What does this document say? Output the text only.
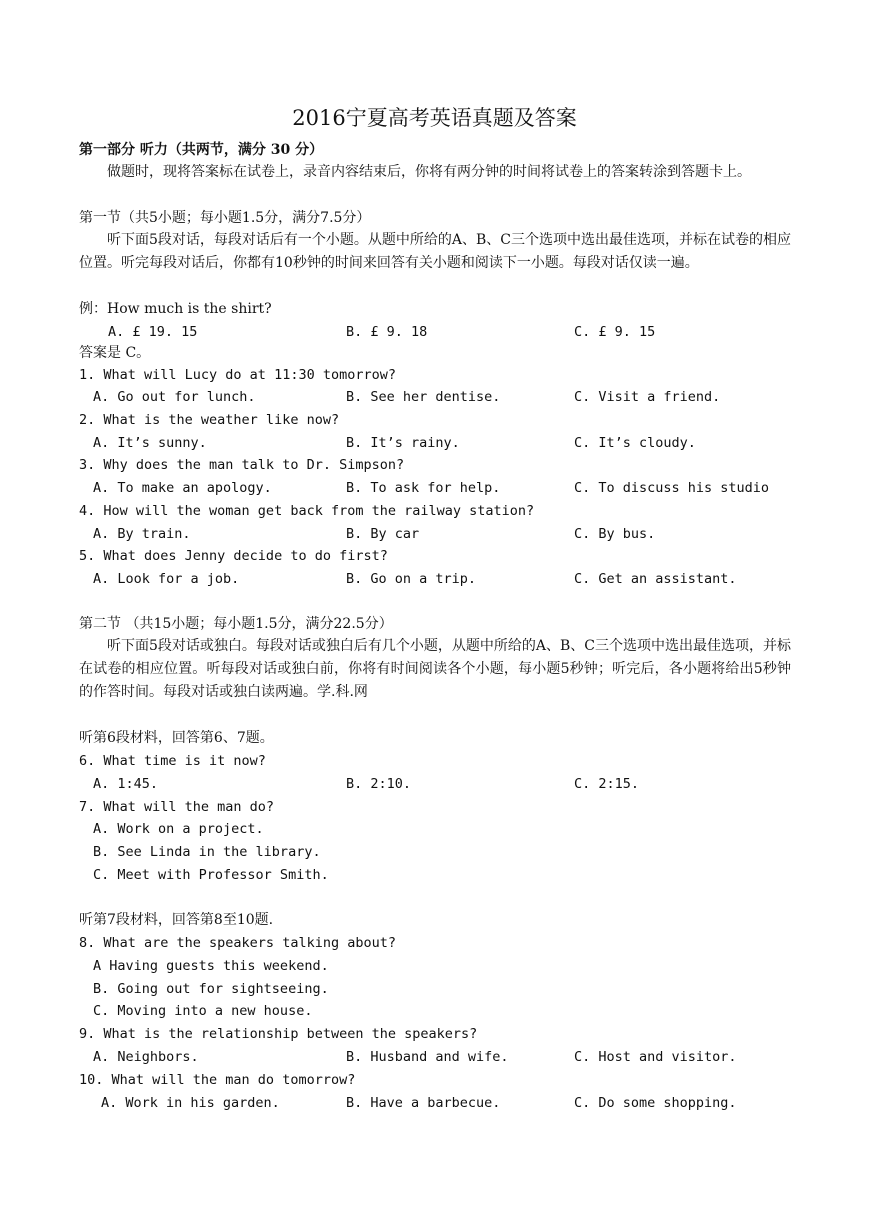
2016宁夏高考英语真题及答案
第一部分 听力（共两节，满分 30 分）
做题时，现将答案标在试卷上，录音内容结束后，你将有两分钟的时间将试卷上的答案转涂到答题卡上。
第一节（共5小题；每小题1.5分，满分7.5分）
听下面5段对话，每段对话后有一个小题。从题中所给的A、B、C三个选项中选出最佳选项，并标在试卷的相应位置。听完每段对话后，你都有10秒钟的时间来回答有关小题和阅读下一小题。每段对话仅读一遍。
例：How much is the shirt?
A. £ 19. 15	B. £ 9. 18	C. £ 9. 15
答案是 C。
1. What will Lucy do at 11:30 tomorrow?
A. Go out for lunch.	B. See her dentise.	C. Visit a friend.
2. What is the weather like now?
A. It’s sunny.	B. It’s rainy.	C. It’s cloudy.
3. Why does the man talk to Dr. Simpson?
A. To make an apology.	B. To ask for help.	C. To discuss his studio
4. How will the woman get back from the railway station?
A. By train.	B. By car	C. By bus.
5. What does Jenny decide to do first?
A. Look for a job.	B. Go on a trip.	C. Get an assistant.
第二节 （共15小题；每小题1.5分，满分22.5分）
听下面5段对话或独白。每段对话或独白后有几个小题，从题中所给的A、B、C三个选项中选出最佳选项，并标在试卷的相应位置。听每段对话或独白前，你将有时间阅读各个小题，每小题5秒钟；听完后，各小题将给出5秒钟的作答时间。每段对话或独白读两遍。学.科.网
听第6段材料，回答第6、7题。
6. What time is it now?
A. 1:45.	B. 2:10.	C. 2:15.
7. What will the man do?
A. Work on a project.
B. See Linda in the library.
C. Meet with Professor Smith.
听第7段材料，回答第8至10题.
8. What are the speakers talking about?
A Having guests this weekend.
B. Going out for sightseeing.
C. Moving into a new house.
9. What is the relationship between the speakers?
A. Neighbors.	B. Husband and wife.	C. Host and visitor.
10. What will the man do tomorrow?
A. Work in his garden.	B. Have a barbecue.	C. Do some shopping.
